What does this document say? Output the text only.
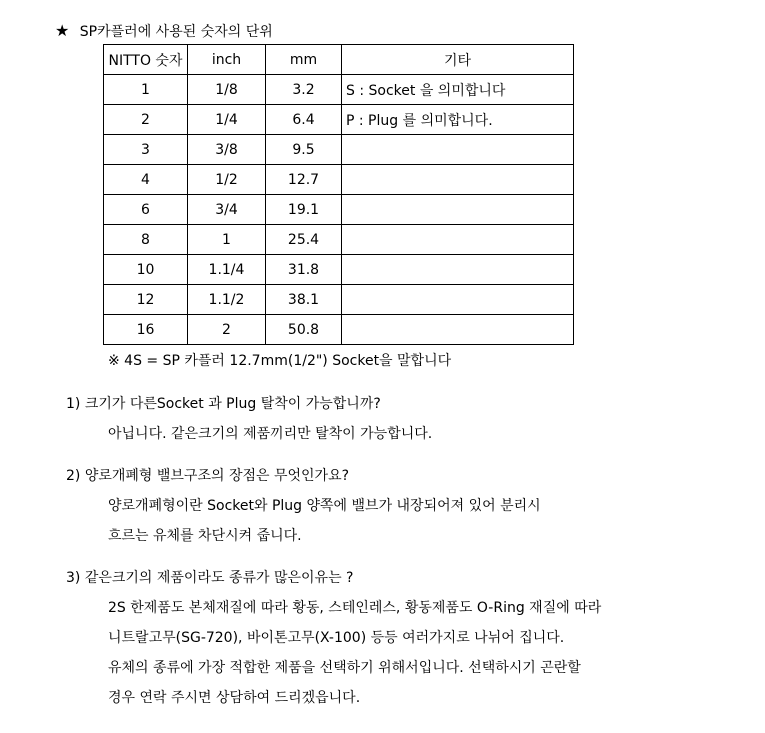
★ SP카플러에 사용된 숫자의 단위
NITTO 숫자	inch	mm	기타
1	1/8	3.2	S : Socket 을 의미합니다
2	1/4	6.4	P : Plug 를 의미합니다.
3	3/8	9.5	
4	1/2	12.7	
6	3/4	19.1	
8	1	25.4	
10	1.1/4	31.8	
12	1.1/2	38.1	
16	2	50.8	
※ 4S = SP 카플러 12.7mm(1/2") Socket을 말합니다
1) 크기가 다른Socket 과 Plug 탈착이 가능합니까?
아닙니다. 같은크기의 제품끼리만 탈착이 가능합니다.
2) 양로개폐형 밸브구조의 장점은 무엇인가요?
양로개폐형이란 Socket와 Plug 양쪽에 밸브가 내장되어져 있어 분리시
흐르는 유체를 차단시켜 줍니다.
3) 같은크기의 제품이라도 종류가 많은이유는 ?
2S 한제품도 본체재질에 따라 황동, 스테인레스, 황동제품도 O-Ring 재질에 따라
니트랄고무(SG-720), 바이톤고무(X-100) 등등 여러가지로 나뉘어 집니다.
유체의 종류에 가장 적합한 제품을 선택하기 위해서입니다. 선택하시기 곤란할
경우 연락 주시면 상담하여 드리겠읍니다.
